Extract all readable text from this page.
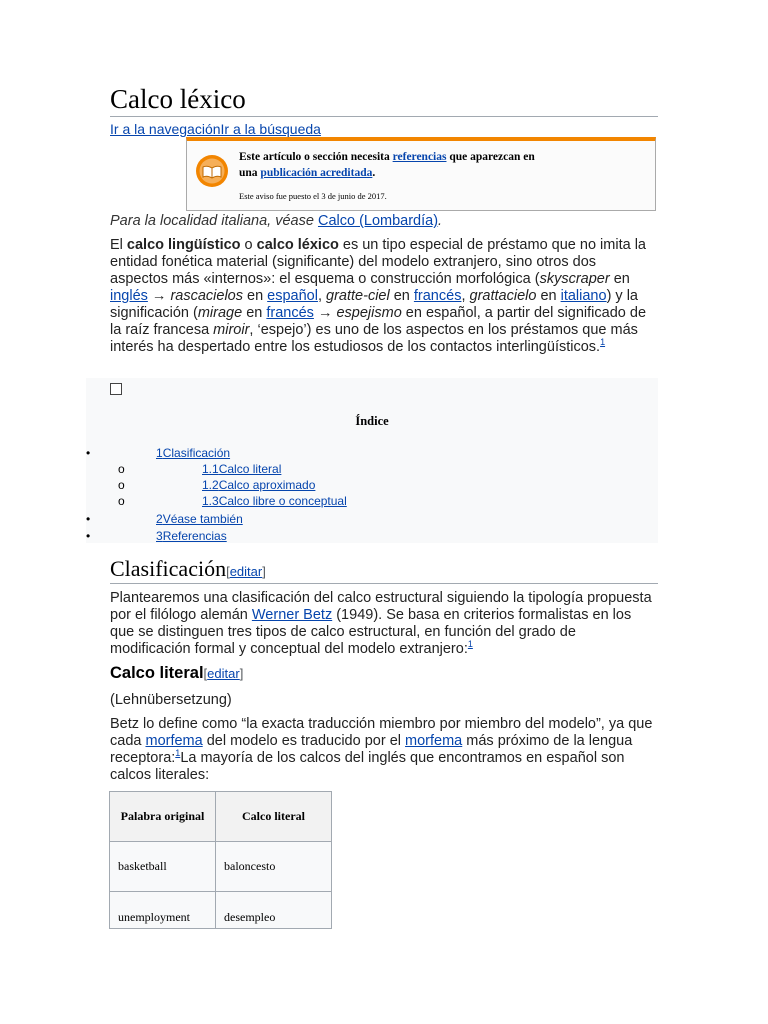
Calco léxico
Ir a la navegaciónIr a la búsqueda
Este artículo o sección necesita referencias que aparezcan en
una publicación acreditada.
Este aviso fue puesto el 3 de junio de 2017.
Para la localidad italiana, véase Calco (Lombardía).

El calco lingüístico o calco léxico es un tipo especial de préstamo que no imita la entidad fonética material (significante) del modelo extranjero, sino otros dos aspectos más «internos»: el esquema o construcción morfológica (skyscraper en inglés → rascacielos en español, gratte-ciel en francés, grattacielo en italiano) y la significación (mirage en francés → espejismo en español, a partir del significado de la raíz francesa miroir, ‘espejo’) es uno de los aspectos en los préstamos que más interés ha despertado entre los estudiosos de los contactos interlingüísticos.$^1$

Índice
•	1Clasificación
o	1.1Calco literal
o	1.2Calco aproximado
o	1.3Calco libre o conceptual
•	2Véase también
•	3Referencias
Clasificación[editar]

Plantearemos una clasificación del calco estructural siguiendo la tipología propuesta por el filólogo alemán Werner Betz (1949). Se basa en criterios formalistas en los que se distinguen tres tipos de calco estructural, en función del grado de modificación formal y conceptual del modelo extranjero:$^1$

Calco literal[editar]

(Lehnübersetzung)

Betz lo define como “la exacta traducción miembro por miembro del modelo”, ya que cada morfema del modelo es traducido por el morfema más próximo de la lengua receptora:$^1$La mayoría de los calcos del inglés que encontramos en español son calcos literales:

Palabra original	Calco literal
basketball	baloncesto
unemployment	desempleo
